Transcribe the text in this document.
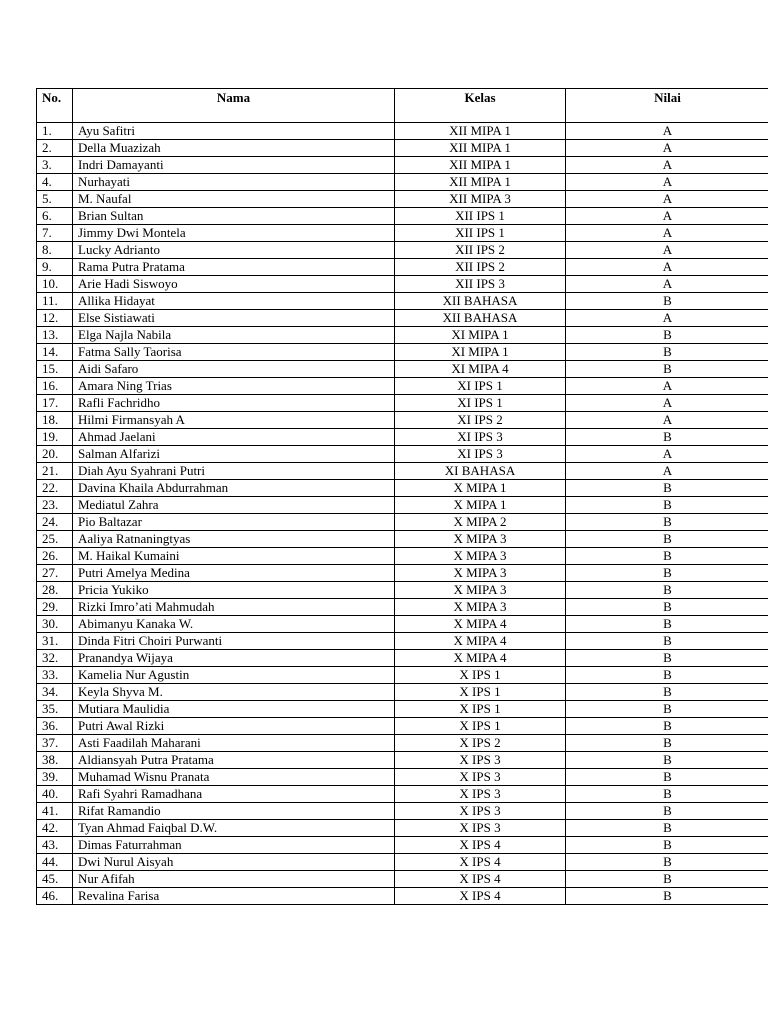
No.	Nama	Kelas	Nilai
1.	Ayu Safitri	XII MIPA 1	A
2.	Della Muazizah	XII MIPA 1	A
3.	Indri Damayanti	XII MIPA 1	A
4.	Nurhayati	XII MIPA 1	A
5.	M. Naufal	XII MIPA 3	A
6.	Brian Sultan	XII IPS 1	A
7.	Jimmy Dwi Montela	XII IPS 1	A
8.	Lucky Adrianto	XII IPS 2	A
9.	Rama Putra Pratama	XII IPS 2	A
10.	Arie Hadi Siswoyo	XII IPS 3	A
11.	Allika Hidayat	XII BAHASA	B
12.	Else Sistiawati	XII BAHASA	A
13.	Elga Najla Nabila	XI MIPA 1	B
14.	Fatma Sally Taorisa	XI MIPA 1	B
15.	Aidi Safaro	XI MIPA 4	B
16.	Amara Ning Trias	XI IPS 1	A
17.	Rafli Fachridho	XI IPS 1	A
18.	Hilmi Firmansyah A	XI IPS 2	A
19.	Ahmad Jaelani	XI IPS 3	B
20.	Salman Alfarizi	XI IPS 3	A
21.	Diah Ayu Syahrani Putri	XI BAHASA	A
22.	Davina Khaila Abdurrahman	X MIPA 1	B
23.	Mediatul Zahra	X MIPA 1	B
24.	Pio Baltazar	X MIPA 2	B
25.	Aaliya Ratnaningtyas	X MIPA 3	B
26.	M. Haikal Kumaini	X MIPA 3	B
27.	Putri Amelya Medina	X MIPA 3	B
28.	Pricia Yukiko	X MIPA 3	B
29.	Rizki Imro’ati Mahmudah	X MIPA 3	B
30.	Abimanyu Kanaka W.	X MIPA 4	B
31.	Dinda Fitri Choiri Purwanti	X MIPA 4	B
32.	Pranandya Wijaya	X MIPA 4	B
33.	Kamelia Nur Agustin	X IPS 1	B
34.	Keyla Shyva M.	X IPS 1	B
35.	Mutiara Maulidia	X IPS 1	B
36.	Putri Awal Rizki	X IPS 1	B
37.	Asti Faadilah Maharani	X IPS 2	B
38.	Aldiansyah Putra Pratama	X IPS 3	B
39.	Muhamad Wisnu Pranata	X IPS 3	B
40.	Rafi Syahri Ramadhana	X IPS 3	B
41.	Rifat Ramandio	X IPS 3	B
42.	Tyan Ahmad Faiqbal D.W.	X IPS 3	B
43.	Dimas Faturrahman	X IPS 4	B
44.	Dwi Nurul Aisyah	X IPS 4	B
45.	Nur Afifah	X IPS 4	B
46.	Revalina Farisa	X IPS 4	B
